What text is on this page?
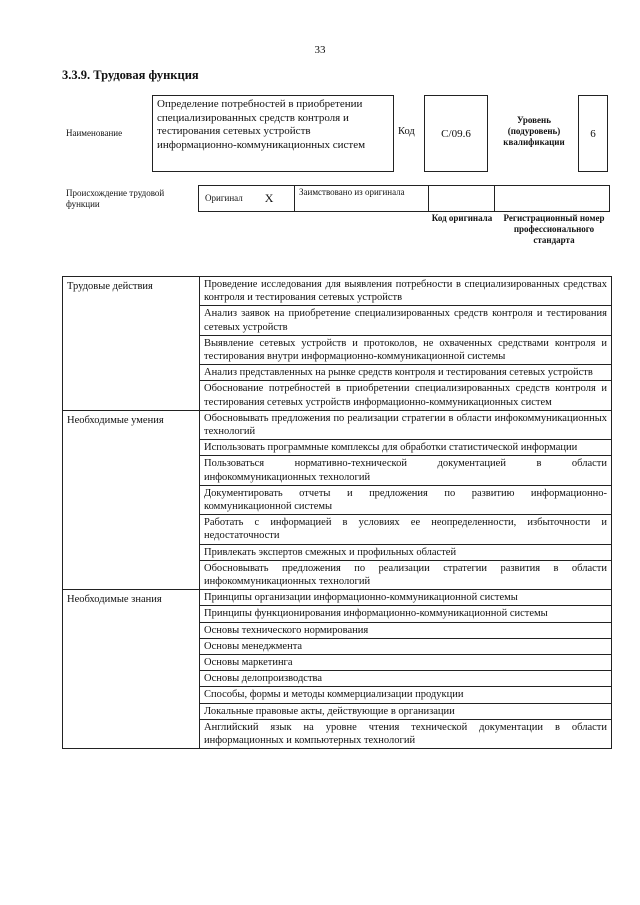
33
3.3.9. Трудовая функция
Наименование
Определение потребностей в приобретении специализированных средств контроля и тестирования сетевых устройств информационно-коммуникационных систем
Код	C/09.6
Уровень (подуровень) квалификации
6
Происхождение трудовой функции
Оригинал X	Заимствовано из оригинала
Код оригинала	Регистрационный номер профессионального стандарта
Трудовые действия	Проведение исследования для выявления потребности в специализированных средствах контроля и тестирования сетевых устройств
	Анализ заявок на приобретение специализированных средств контроля и тестирования сетевых устройств
	Выявление сетевых устройств и протоколов, не охваченных средствами контроля и тестирования внутри информационно-коммуникационной системы
	Анализ представленных на рынке средств контроля и тестирования сетевых устройств
	Обоснование потребностей в приобретении специализированных средств контроля и тестирования сетевых устройств информационно-коммуникационных систем
Необходимые умения	Обосновывать предложения по реализации стратегии в области инфокоммуникационных технологий
	Использовать программные комплексы для обработки статистической информации
	Пользоваться нормативно-технической документацией в области инфокоммуникационных технологий
	Документировать отчеты и предложения по развитию информационно-коммуникационной системы
	Работать с информацией в условиях ее неопределенности, избыточности и недостаточности
	Привлекать экспертов смежных и профильных областей
	Обосновывать предложения по реализации стратегии развития в области инфокоммуникационных технологий
Необходимые знания	Принципы организации информационно-коммуникационной системы
	Принципы функционирования информационно-коммуникационной системы
	Основы технического нормирования
	Основы менеджмента
	Основы маркетинга
	Основы делопроизводства
	Способы, формы и методы коммерциализации продукции
	Локальные правовые акты, действующие в организации
	Английский язык на уровне чтения технической документации в области информационных и компьютерных технологий
